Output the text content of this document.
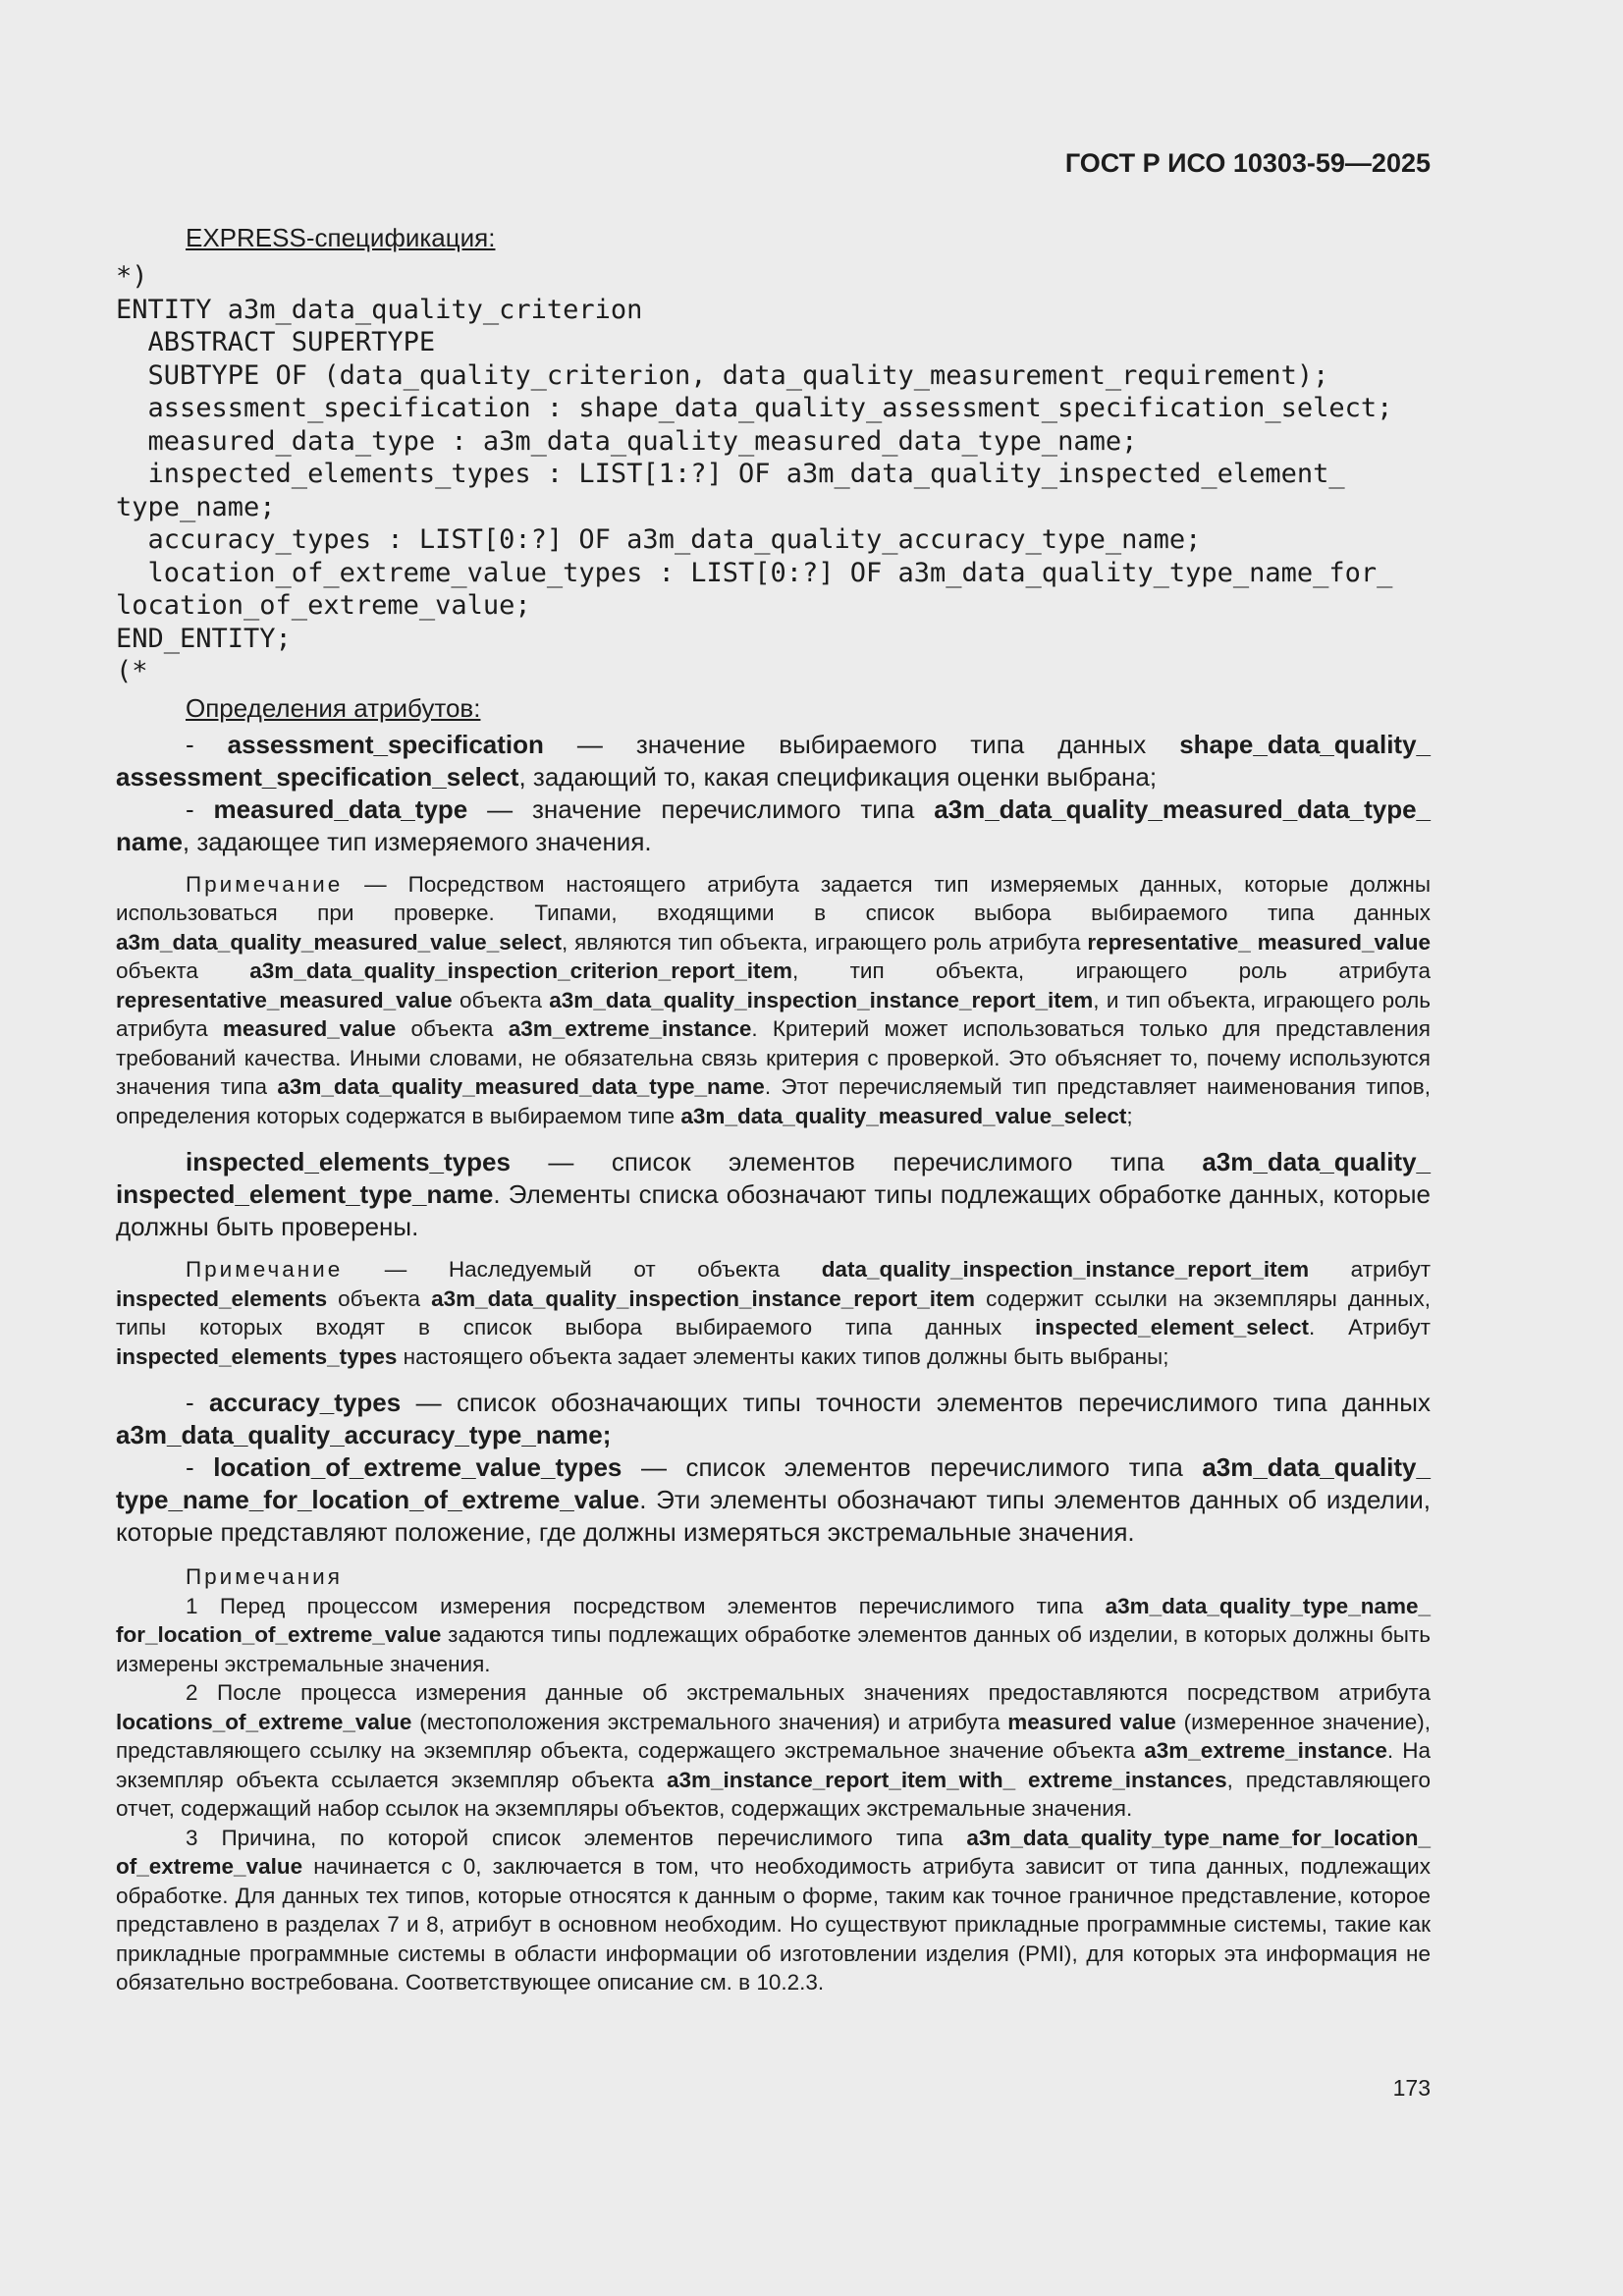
ГОСТ Р ИСО 10303-59—2025
EXPRESS-спецификация:
*)
ENTITY a3m_data_quality_criterion
ABSTRACT SUPERTYPE
SUBTYPE OF (data_quality_criterion, data_quality_measurement_requirement);
assessment_specification : shape_data_quality_assessment_specification_select;
measured_data_type : a3m_data_quality_measured_data_type_name;
inspected_elements_types : LIST[1:?] OF a3m_data_quality_inspected_element_
type_name;
accuracy_types : LIST[0:?] OF a3m_data_quality_accuracy_type_name;
location_of_extreme_value_types : LIST[0:?] OF a3m_data_quality_type_name_for_
location_of_extreme_value;
END_ENTITY;
(*
Определения атрибутов:

- assessment_specification — значение выбираемого типа данных shape_data_quality_ assessment_specification_select, задающий то, какая спецификация оценки выбрана;

- measured_data_type — значение перечислимого типа a3m_data_quality_measured_data_type_ name, задающее тип измеряемого значения.

Примечание — Посредством настоящего атрибута задается тип измеряемых данных, которые должны использоваться при проверке. Типами, входящими в список выбора выбираемого типа данных a3m_data_quality_measured_value_select, являются тип объекта, играющего роль атрибута representative_ measured_value объекта a3m_data_quality_inspection_criterion_report_item, тип объекта, играющего роль атрибута representative_measured_value объекта a3m_data_quality_inspection_instance_report_item, и тип объекта, играющего роль атрибута measured_value объекта a3m_extreme_instance. Критерий может использоваться только для представления требований качества. Иными словами, не обязательна связь критерия с проверкой. Это объясняет то, почему используются значения типа a3m_data_quality_measured_data_type_name. Этот перечисляемый тип представляет наименования типов, определения которых содержатся в выбираемом типе a3m_data_quality_measured_value_select;

inspected_elements_types — список элементов перечислимого типа a3m_data_quality_ inspected_element_type_name. Элементы списка обозначают типы подлежащих обработке данных, которые должны быть проверены.

Примечание — Наследуемый от объекта data_quality_inspection_instance_report_item атрибут inspected_elements объекта a3m_data_quality_inspection_instance_report_item содержит ссылки на экземпляры данных, типы которых входят в список выбора выбираемого типа данных inspected_element_select. Атрибут inspected_elements_types настоящего объекта задает элементы каких типов должны быть выбраны;

- accuracy_types — список обозначающих типы точности элементов перечислимого типа данных a3m_data_quality_accuracy_type_name;

- location_of_extreme_value_types — список элементов перечислимого типа a3m_data_quality_ type_name_for_location_of_extreme_value. Эти элементы обозначают типы элементов данных об изделии, которые представляют положение, где должны измеряться экстремальные значения.

Примечания

1 Перед процессом измерения посредством элементов перечислимого типа a3m_data_quality_type_name_ for_location_of_extreme_value задаются типы подлежащих обработке элементов данных об изделии, в которых должны быть измерены экстремальные значения.

2 После процесса измерения данные об экстремальных значениях предоставляются посредством атрибута locations_of_extreme_value (местоположения экстремального значения) и атрибута measured value (измеренное значение), представляющего ссылку на экземпляр объекта, содержащего экстремальное значение объекта a3m_extreme_instance. На экземпляр объекта ссылается экземпляр объекта a3m_instance_report_item_with_ extreme_instances, представляющего отчет, содержащий набор ссылок на экземпляры объектов, содержащих экстремальные значения.

3 Причина, по которой список элементов перечислимого типа a3m_data_quality_type_name_for_location_ of_extreme_value начинается с 0, заключается в том, что необходимость атрибута зависит от типа данных, подлежащих обработке. Для данных тех типов, которые относятся к данным о форме, таким как точное граничное представление, которое представлено в разделах 7 и 8, атрибут в основном необходим. Но существуют прикладные программные системы, такие как прикладные программные системы в области информации об изготовлении изделия (PMI), для которых эта информация не обязательно востребована. Соответствующее описание см. в 10.2.3.

173
